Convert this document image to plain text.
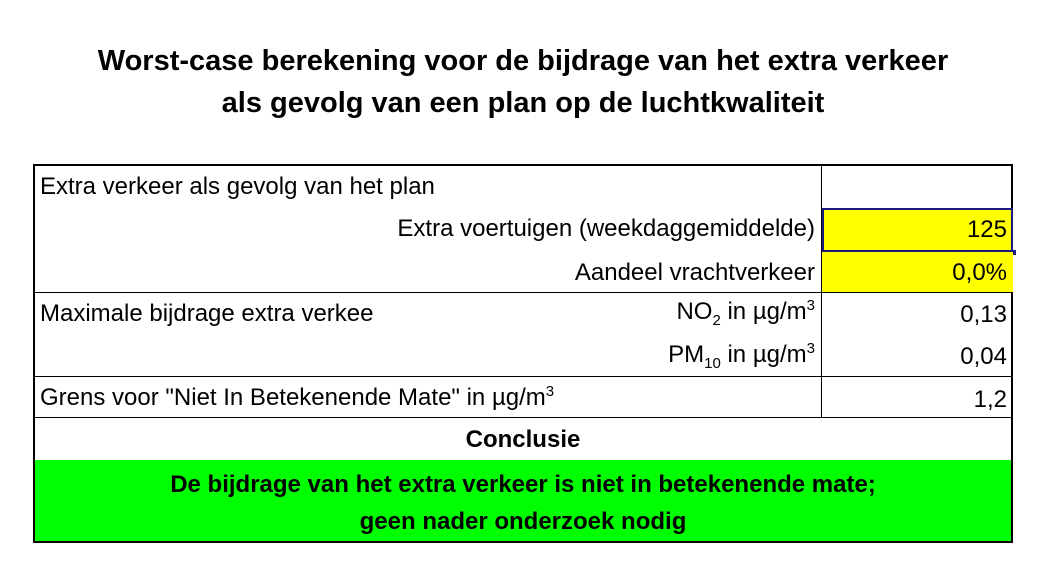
Worst-case berekening voor de bijdrage van het extra verkeer
als gevolg van een plan op de luchtkwaliteit
Extra verkeer als gevolg van het plan
Extra voertuigen (weekdaggemiddelde)	125
Aandeel vrachtverkeer	0,0%
Maximale bijdrage extra verkee	$NO_2$ in $\mu g/m^3$	0,13
$PM_{10}$ in $\mu g/m^3$	0,04
Grens voor "Niet In Betekenende Mate" in $\mu g/m^3$	1,2
Conclusie
De bijdrage van het extra verkeer is niet in betekenende mate;
geen nader onderzoek nodig
